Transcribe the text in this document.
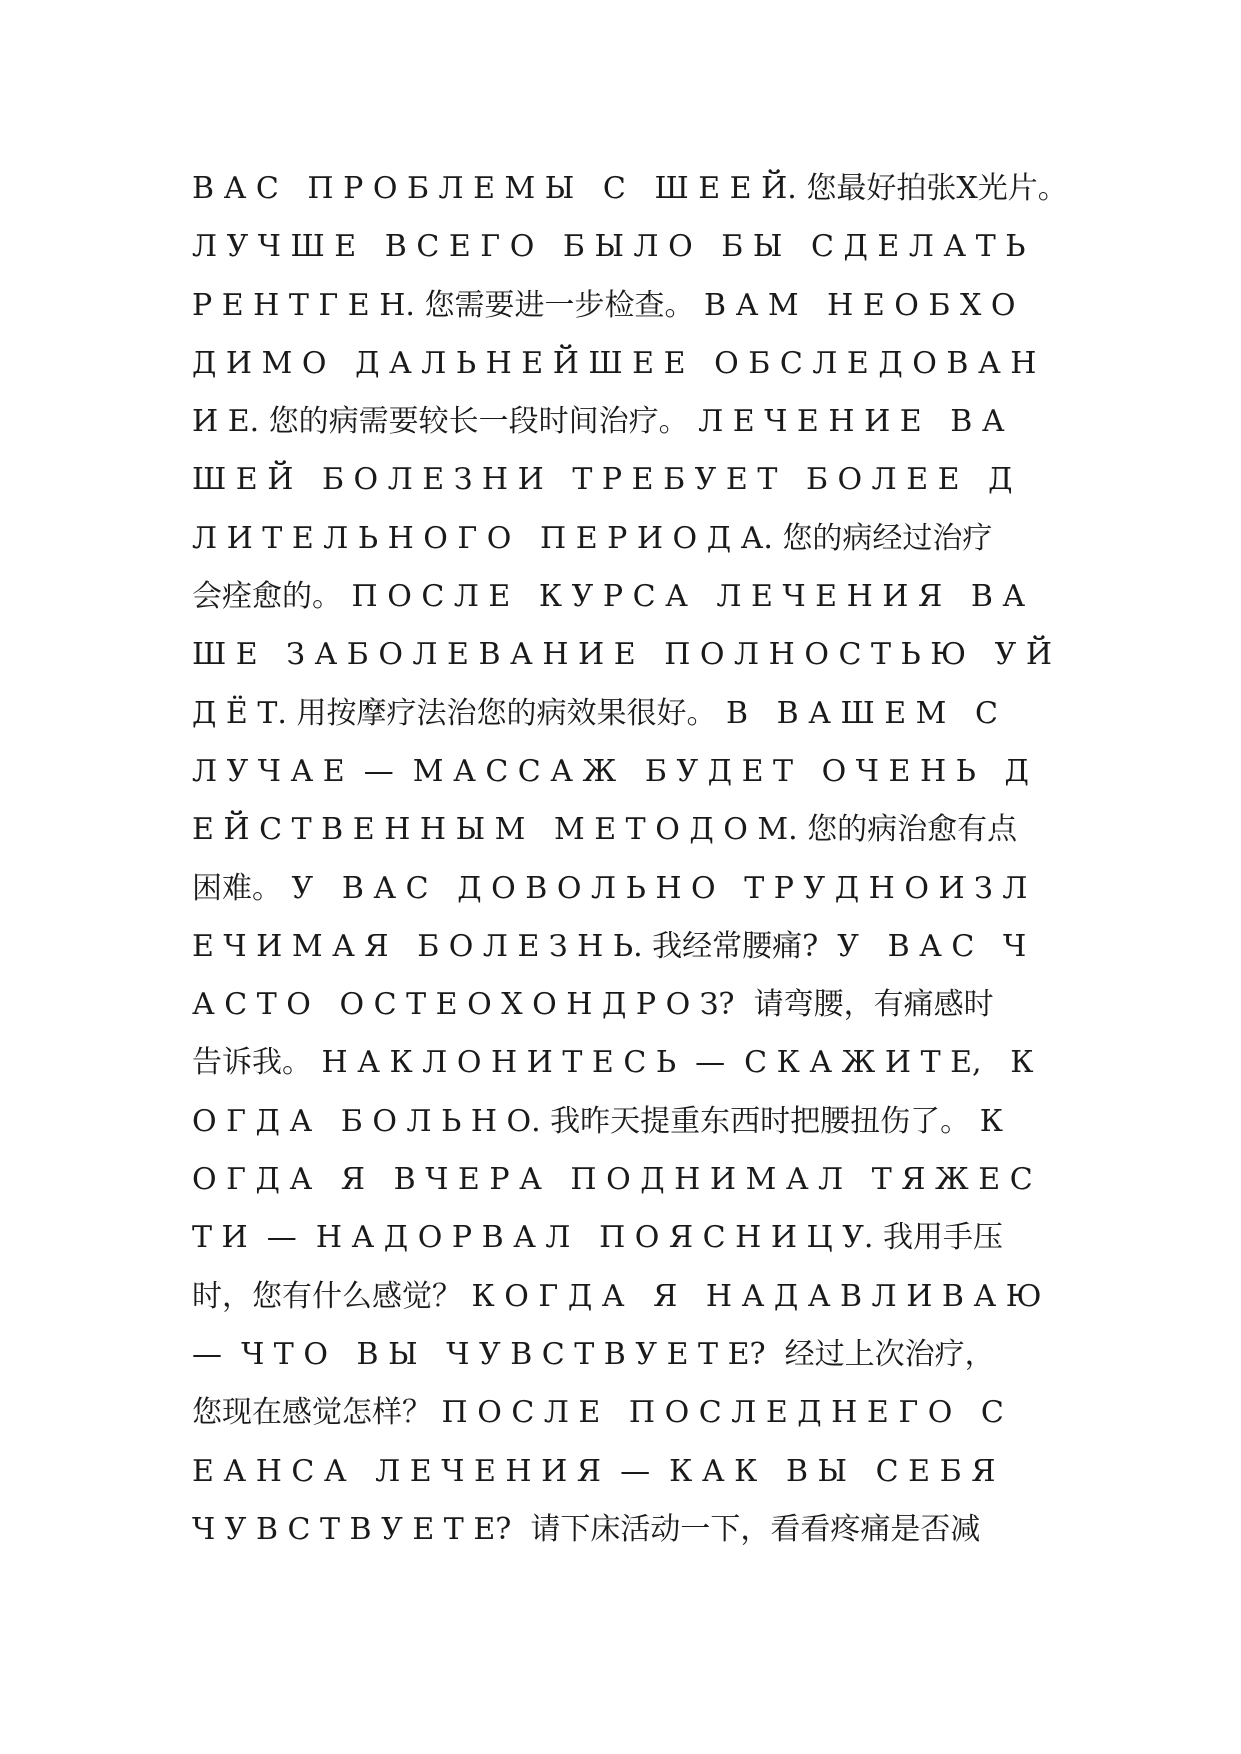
В А С   П Р О Б Л Е М Ы   С   Ш Е Е Й. 您最好拍张X光片。
Л У Ч Ш Е   В С Е Г О   Б Ы Л О   Б Ы   С Д Е Л А Т Ь
Р Е Н Т Г Е Н. 您需要进一步检查。 В А М   Н Е О Б Х О
Д И М О   Д А Л Ь Н Е Й Ш Е Е   О Б С Л Е Д О В А Н
И Е. 您的病需要较长一段时间治疗。 Л Е Ч Е Н И Е   В А
Ш Е Й   Б О Л Е З Н И   Т Р Е Б У Е Т   Б О Л Е Е   Д
Л И Т Е Л Ь Н О Г О   П Е Р И О Д А. 您的病经过治疗
会痊愈的。 П О С Л Е   К У Р С А   Л Е Ч Е Н И Я   В А
Ш Е   З А Б О Л Е В А Н И Е   П О Л Н О С Т Ь Ю   У Й
Д Ё Т. 用按摩疗法治您的病效果很好。 В   В А Ш Е М   С
Л У Ч А Е  —  М А С С А Ж   Б У Д Е Т   О Ч Е Н Ь   Д
Е Й С Т В Е Н Н Ы М   М Е Т О Д О М. 您的病治愈有点
困难。 У   В А С   Д О В О Л Ь Н О   Т Р У Д Н О И З Л
Е Ч И М А Я   Б О Л Е З Н Ь. 我经常腰痛?  У   В А С   Ч
А С Т О   О С Т Е О Х О Н Д Р О З?  请弯腰，有痛感时
告诉我。 Н А К Л О Н И Т Е С Ь  —  С К А Ж И Т Е,   К
О Г Д А   Б О Л Ь Н О. 我昨天提重东西时把腰扭伤了。 К
О Г Д А   Я   В Ч Е Р А   П О Д Н И М А Л   Т Я Ж Е С
Т И  —  Н А Д О Р В А Л   П О Я С Н И Ц У. 我用手压
时，您有什么感觉？ К О Г Д А   Я   Н А Д А В Л И В А Ю
—  Ч Т О   В Ы   Ч У В С Т В У Е Т Е?  经过上次治疗，
您现在感觉怎样？ П О С Л Е   П О С Л Е Д Н Е Г О   С
Е А Н С А   Л Е Ч Е Н И Я  —  К А К   В Ы   С Е Б Я
Ч У В С Т В У Е Т Е?  请下床活动一下，看看疼痛是否减
